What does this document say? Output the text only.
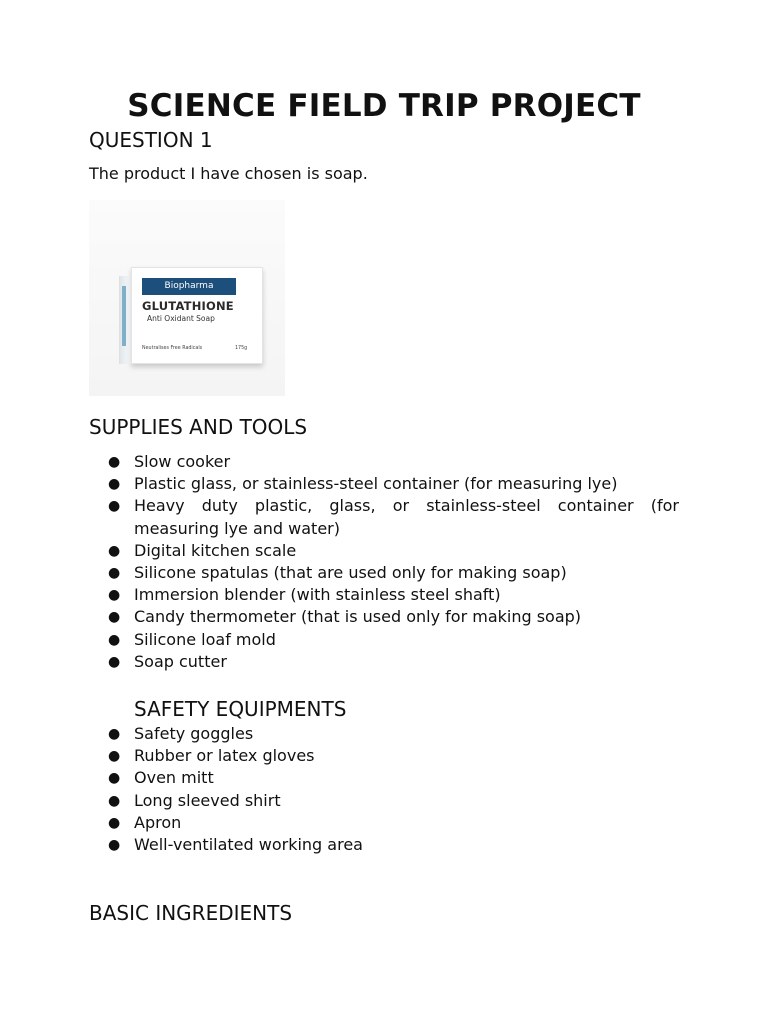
SCIENCE FIELD TRIP PROJECT

QUESTION 1

The product I have chosen is soap.

Biopharma
GLUTATHIONE
Anti Oxidant Soap
Neutralises Free Radicals	175g

SUPPLIES AND TOOLS

● Slow cooker
● Plastic glass, or stainless-steel container (for measuring lye)
● Heavy duty plastic, glass, or stainless-steel container (for measuring lye and water)
● Digital kitchen scale
● Silicone spatulas (that are used only for making soap)
● Immersion blender (with stainless steel shaft)
● Candy thermometer (that is used only for making soap)
● Silicone loaf mold
● Soap cutter

SAFETY EQUIPMENTS

● Safety goggles
● Rubber or latex gloves
● Oven mitt
● Long sleeved shirt
● Apron
● Well-ventilated working area

BASIC INGREDIENTS
